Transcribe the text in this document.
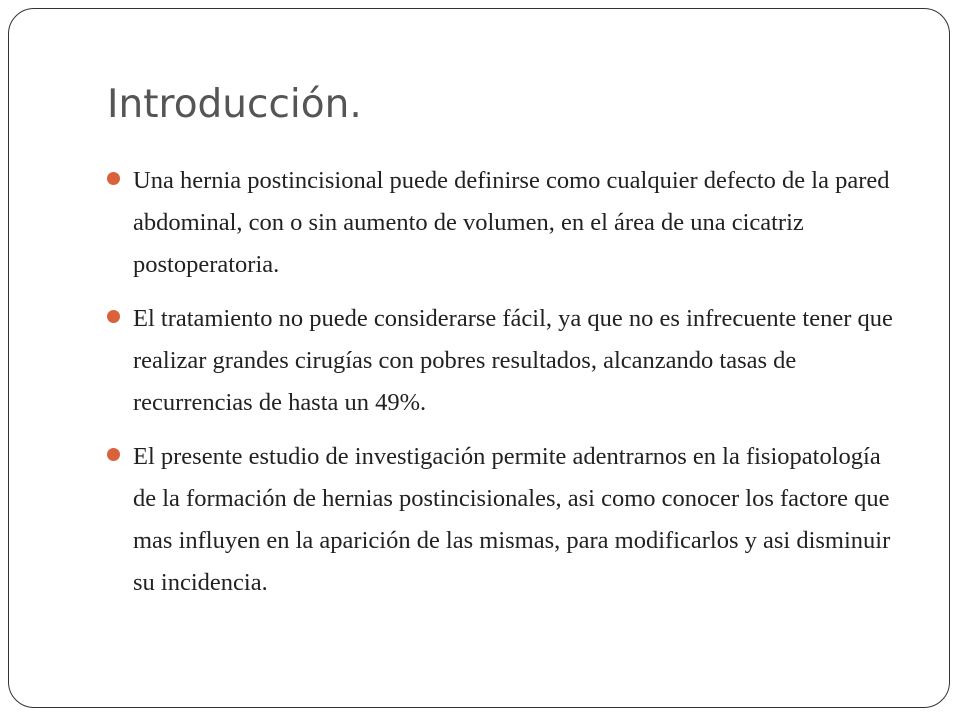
Introducción.
Una hernia postincisional puede definirse como cualquier defecto de la pared abdominal, con o sin aumento de volumen, en el área de una cicatriz postoperatoria.
El tratamiento no puede considerarse fácil, ya que no es infrecuente tener que realizar grandes cirugías con pobres resultados, alcanzando tasas de recurrencias de hasta un 49%.
El presente estudio de investigación permite adentrarnos en la fisiopatología de la formación de hernias postincisionales, asi como conocer los factore que mas influyen en la aparición de las mismas, para modificarlos y asi disminuir su incidencia.
